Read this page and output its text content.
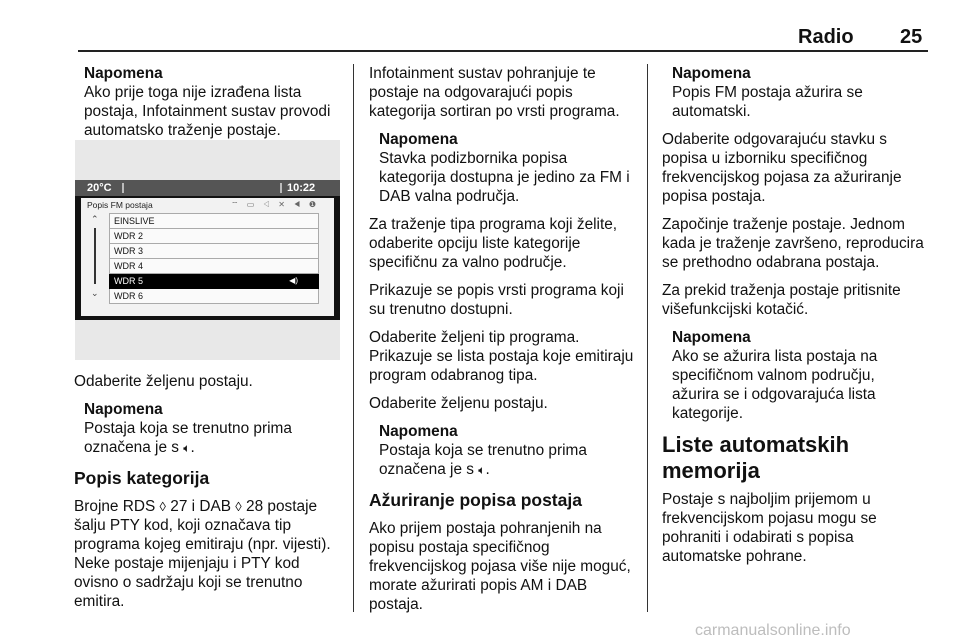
Radio 25
Napomena
Ako prije toga nije izrađena lista postaja, Infotainment sustav provodi automatsko traženje postaje.
20°C	10:22
Popis FM postaja	⌔ ▭ ◁ ✕ ◀ ❶
⌃
⌄
EINSLIVE
WDR 2
WDR 3
WDR 4
WDR 5	◀)
WDR 6

Odaberite željenu postaju.

Napomena
Postaja koja se trenutno prima označena je s 🔈︎.
Popis kategorija

Brojne RDS ◊ 27 i DAB ◊ 28 postaje šalju PTY kod, koji označava tip programa kojeg emitiraju (npr. vijesti). Neke postaje mijenjaju i PTY kod ovisno o sadržaju koji se trenutno emitira.

Infotainment sustav pohranjuje te postaje na odgovarajući popis kategorija sortiran po vrsti programa.

Napomena
Stavka podizbornika popisa kategorija dostupna je jedino za FM i DAB valna područja.

Za traženje tipa programa koji želite, odaberite opciju liste kategorije specifičnu za valno područje.

Prikazuje se popis vrsti programa koji su trenutno dostupni.

Odaberite željeni tip programa. Prikazuje se lista postaja koje emitiraju program odabranog tipa.

Odaberite željenu postaju.

Napomena
Postaja koja se trenutno prima označena je s 🔈︎.
Ažuriranje popisa postaja

Ako prijem postaja pohranjenih na popisu postaja specifičnog frekvencijskog pojasa više nije moguć, morate ažurirati popis AM i DAB postaja.

Napomena
Popis FM postaja ažurira se automatski.

Odaberite odgovarajuću stavku s popisa u izborniku specifičnog frekvencijskog pojasa za ažuriranje popisa postaja.

Započinje traženje postaje. Jednom kada je traženje završeno, reproducira se prethodno odabrana postaja.

Za prekid traženja postaje pritisnite višefunkcijski kotačić.

Napomena
Ako se ažurira lista postaja na specifičnom valnom području, ažurira se i odgovarajuća lista kategorije.
Liste automatskih memorija

Postaje s najboljim prijemom u frekvencijskom pojasu mogu se pohraniti i odabirati s popisa automatske pohrane.

carmanualsonline.info
